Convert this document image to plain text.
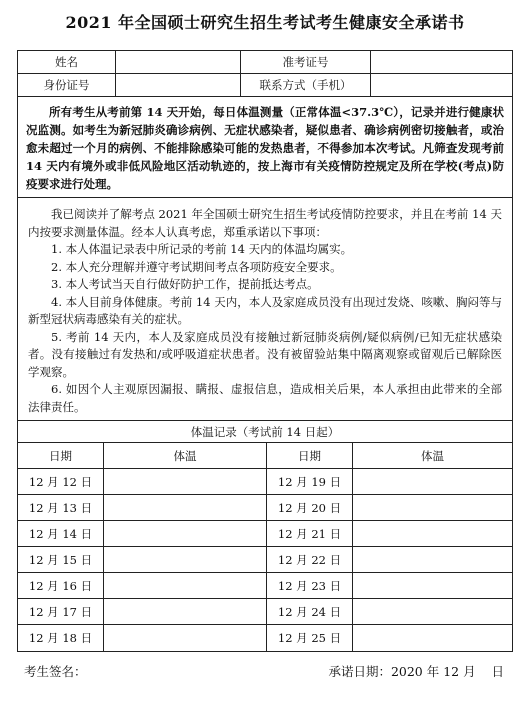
2021 年全国硕士研究生招生考试考生健康安全承诺书
姓名	准考证号
身份证号	联系方式（手机）
所有考生从考前第 14 天开始，每日体温测量（正常体温<37.3℃），记录并进行健康状况监测。如考生为新冠肺炎确诊病例、无症状感染者，疑似患者、确诊病例密切接触者，或治愈未超过一个月的病例、不能排除感染可能的发热患者，不得参加本次考试。凡筛查发现考前 14 天内有境外或非低风险地区活动轨迹的，按上海市有关疫情防控规定及所在学校(考点)防疫要求进行处理。

我已阅读并了解考点 2021 年全国硕士研究生招生考试疫情防控要求，并且在考前 14 天内按要求测量体温。经本人认真考虑，郑重承诺以下事项：

1. 本人体温记录表中所记录的考前 14 天内的体温均属实。

2. 本人充分理解并遵守考试期间考点各项防疫安全要求。

3. 本人考试当天自行做好防护工作，提前抵达考点。

4. 本人目前身体健康。考前 14 天内，本人及家庭成员没有出现过发烧、咳嗽、胸闷等与新型冠状病毒感染有关的症状。

5. 考前 14 天内，本人及家庭成员没有接触过新冠肺炎病例/疑似病例/已知无症状感染者。没有接触过有发热和/或呼吸道症状患者。没有被留验站集中隔离观察或留观后已解除医学观察。

6. 如因个人主观原因漏报、瞒报、虚报信息，造成相关后果，本人承担由此带来的全部法律责任。

体温记录（考试前 14 日起）
日期	体温	日期	体温
12 月 12 日	12 月 19 日
12 月 13 日	12 月 20 日
12 月 14 日	12 月 21 日
12 月 15 日	12 月 22 日
12 月 16 日	12 月 23 日
12 月 17 日	12 月 24 日
12 月 18 日	12 月 25 日
考生签名：	承诺日期：2020 年 12 月    日
